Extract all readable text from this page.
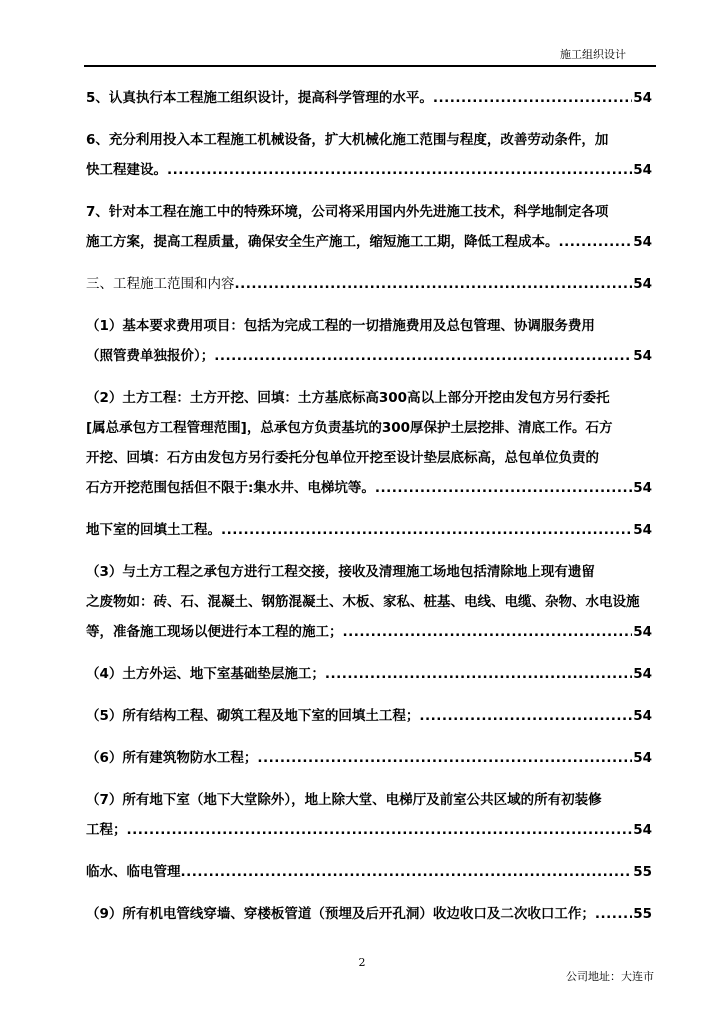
施工组织设计
5、认真执行本工程施工组织设计，提高科学管理的水平。 .....	54
6、充分利用投入本工程施工机械设备，扩大机械化施工范围与程度，改善劳动条件，加
快工程建设。 .....	54
7、针对本工程在施工中的特殊环境，公司将采用国内外先进施工技术，科学地制定各项
施工方案，提高工程质量，确保安全生产施工，缩短施工工期，降低工程成本。 .....	54
三、工程施工范围和内容 .....	54
（1）基本要求费用项目：包括为完成工程的一切措施费用及总包管理、协调服务费用
（照管费单独报价）； .....	54
（2）土方工程：土方开挖、回填：土方基底标高300高以上部分开挖由发包方另行委托
[属总承包方工程管理范围]，总承包方负责基坑的300厚保护土层挖排、清底工作。石方
开挖、回填：石方由发包方另行委托分包单位开挖至设计垫层底标高，总包单位负责的
石方开挖范围包括但不限于:集水井、电梯坑等。 .....	54
地下室的回填土工程。 .....	54
（3）与土方工程之承包方进行工程交接，接收及清理施工场地包括清除地上现有遗留
之废物如：砖、石、混凝土、钢筋混凝土、木板、家私、桩基、电线、电缆、杂物、水电设施
等，准备施工现场以便进行本工程的施工； .....	54
（4）土方外运、地下室基础垫层施工； .....	54
（5）所有结构工程、砌筑工程及地下室的回填土工程； .....	54
（6）所有建筑物防水工程； .....	54
（7）所有地下室（地下大堂除外），地上除大堂、电梯厅及前室公共区域的所有初装修
工程； .....	54
临水、临电管理 .....	55
（9）所有机电管线穿墙、穿楼板管道（预埋及后开孔洞）收边收口及二次收口工作； .....	55
2
公司地址：大连市
